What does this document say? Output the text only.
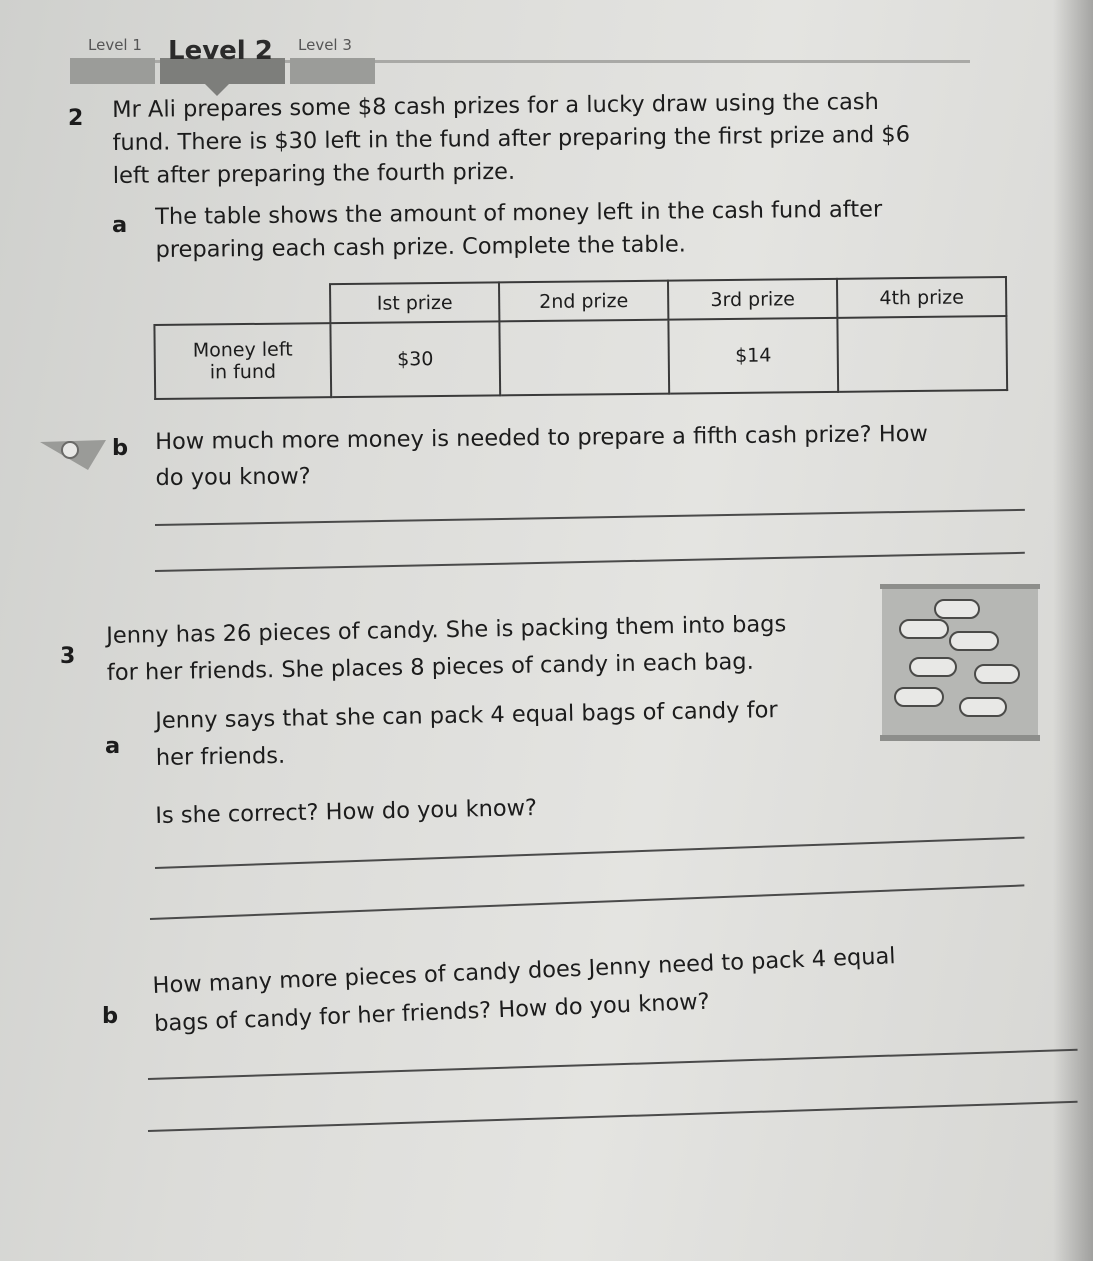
Level 1 Level 2 Level 3
2 Mr Ali prepares some $8 cash prizes for a lucky draw using the cash
fund. There is $30 left in the fund after preparing the first prize and $6
left after preparing the fourth prize.
a The table shows the amount of money left in the cash fund after
preparing each cash prize. Complete the table.
	Ist prize	2nd prize	3rd prize	4th prize

Money left
in fund	$30		$14	
b How much more money is needed to prepare a fifth cash prize? How
do you know?
3
Jenny has 26 pieces of candy. She is packing them into bags
for her friends. She places 8 pieces of candy in each bag.
a
Jenny says that she can pack 4 equal bags of candy for
her friends.
Is she correct? How do you know?
b
How many more pieces of candy does Jenny need to pack 4 equal
bags of candy for her friends? How do you know?
